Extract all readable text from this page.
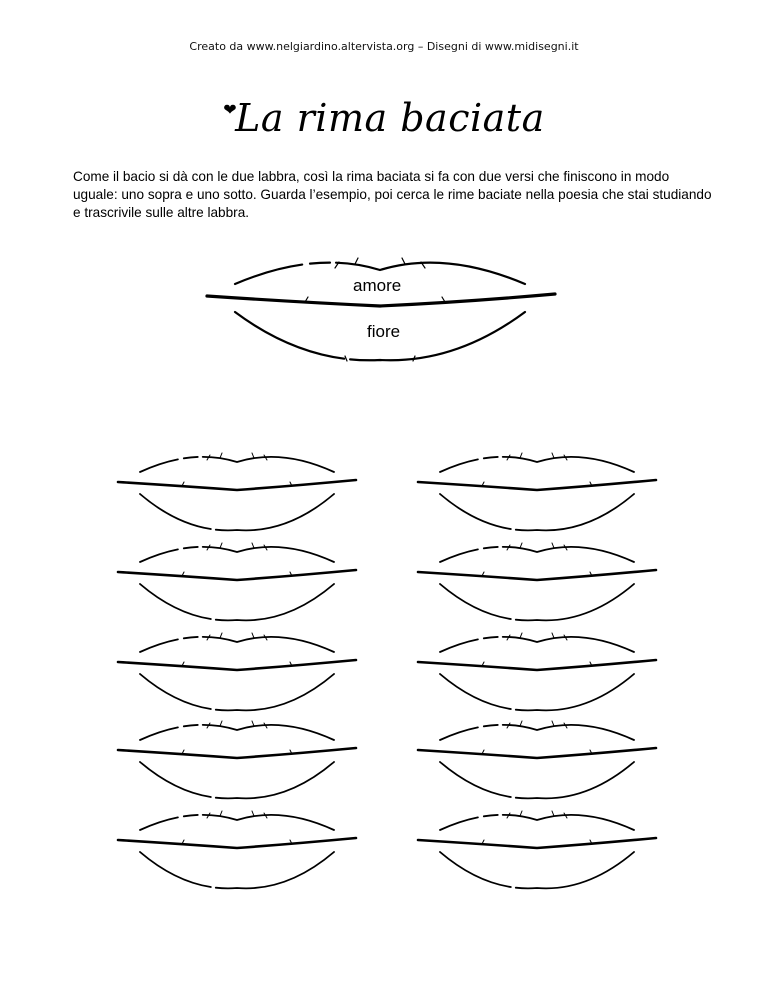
Creato da www.nelgiardino.altervista.org – Disegni di www.midisegni.it
❤La rima baciata
Come il bacio si dà con le due labbra, così la rima baciata si fa con due versi che finiscono in modo uguale: uno sopra e uno sotto. Guarda l’esempio, poi cerca le rime baciate nella poesia che stai studiando e trascrivile sulle altre labbra.
amore
fiore
